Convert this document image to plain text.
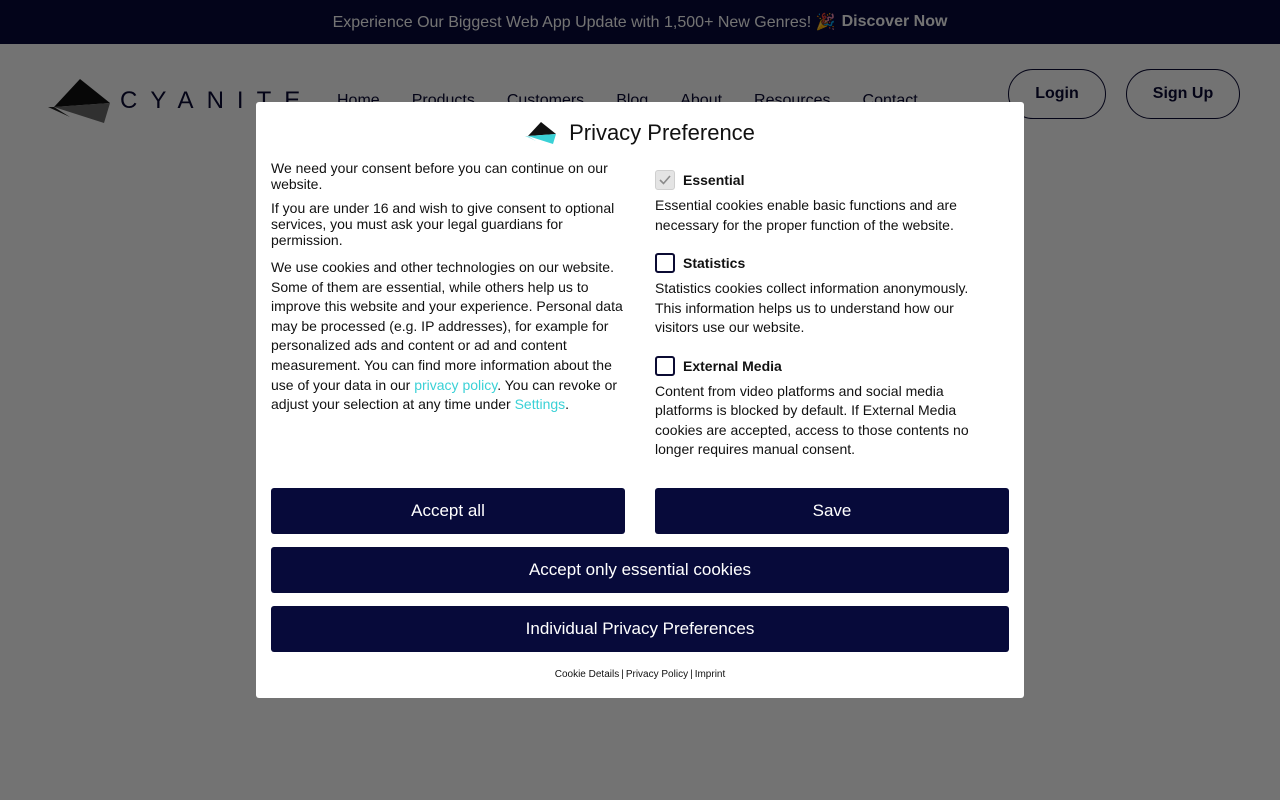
Privacy Preference

We need your consent before you can continue on our website.

If you are under 16 and wish to give consent to optional services, you must ask your legal guardians for permission.

We use cookies and other technologies on our website. Some of them are essential, while others help us to improve this website and your experience. Personal data may be processed (e.g. IP addresses), for example for personalized ads and content or ad and content measurement. You can find more information about the use of your data in our privacy policy. You can revoke or adjust your selection at any time under Settings.

Essential
Essential cookies enable basic functions and are necessary for the proper function of the website.
Statistics
Statistics cookies collect information anonymously. This information helps us to understand how our visitors use our website.
External Media
Content from video platforms and social media platforms is blocked by default. If External Media cookies are accepted, access to those contents no longer requires manual consent.
Accept all	Save
Accept only essential cookies
Individual Privacy Preferences
Cookie Details | Privacy Policy | Imprint
